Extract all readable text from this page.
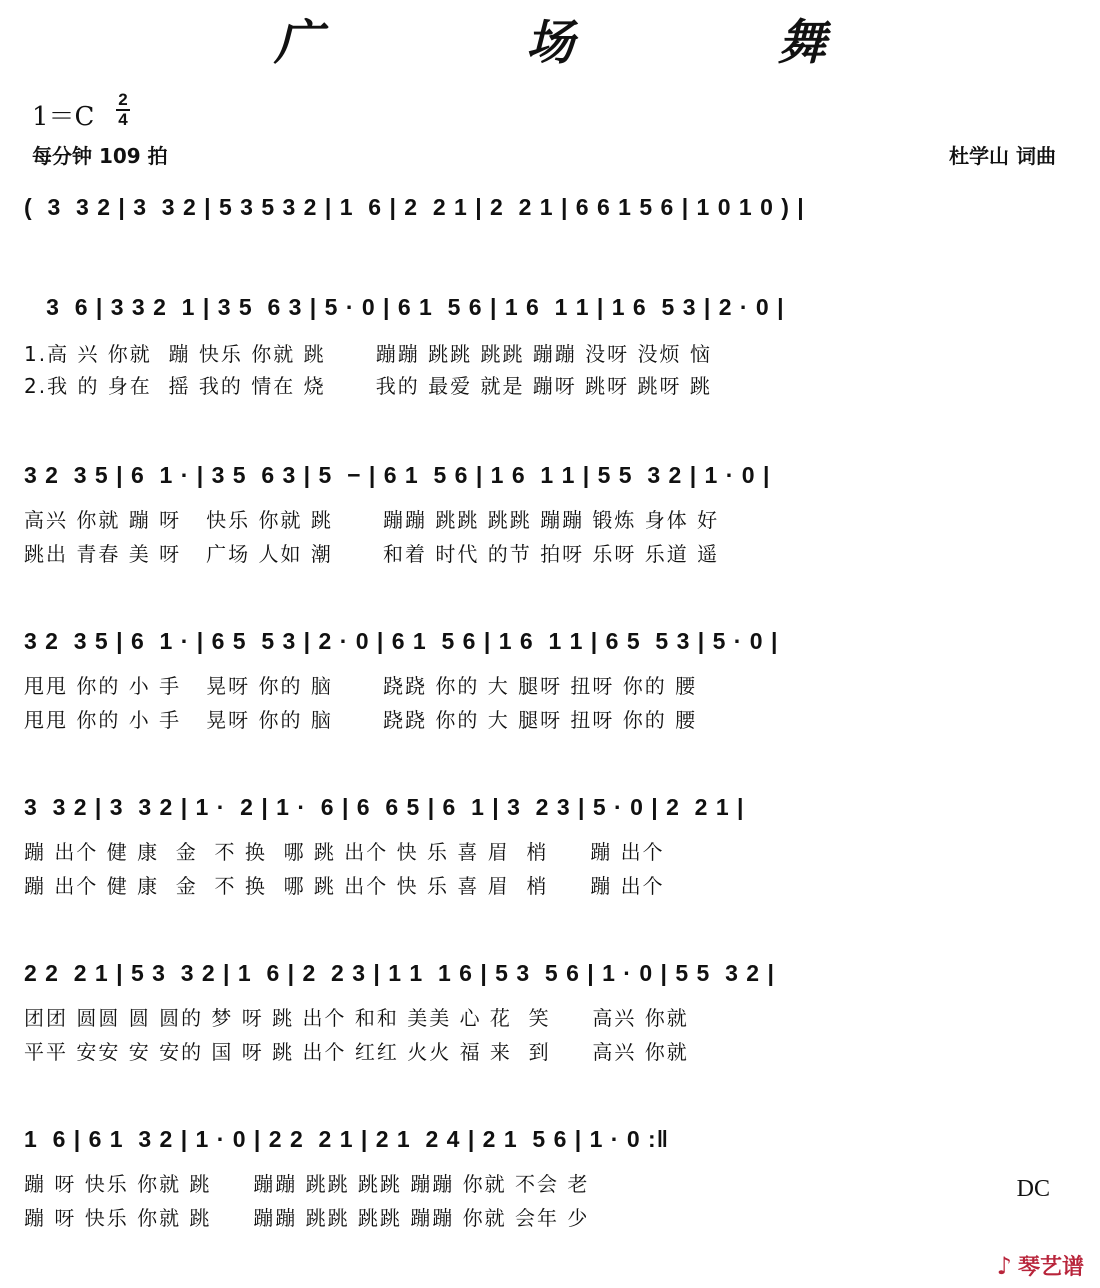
广　场　舞
1＝C
2
4
每分钟 109 拍	杜学山 词曲
(  3  3 2 | 3  3 2 | 5 3 5 3 2 | 1  6 | 2  2 1 | 2  2 1 | 6 6 1 5 6 | 1 0 1 0 ) |
3  6 | 3 3 2  1 | 3 5  6 3 | 5 · 0 | 6 1  5 6 | 1 6  1 1 | 1 6  5 3 | 2 · 0 |
1.高 兴 你就  蹦 快乐 你就 跳      蹦蹦 跳跳 跳跳 蹦蹦 没呀 没烦 恼
2.我 的 身在  摇 我的 情在 烧      我的 最爱 就是 蹦呀 跳呀 跳呀 跳
3 2  3 5 | 6  1 · | 3 5  6 3 | 5  − | 6 1  5 6 | 1 6  1 1 | 5 5  3 2 | 1 · 0 |
高兴 你就 蹦 呀   快乐 你就 跳      蹦蹦 跳跳 跳跳 蹦蹦 锻炼 身体 好
跳出 青春 美 呀   广场 人如 潮      和着 时代 的节 拍呀 乐呀 乐道 遥
3 2  3 5 | 6  1 · | 6 5  5 3 | 2 · 0 | 6 1  5 6 | 1 6  1 1 | 6 5  5 3 | 5 · 0 |
甩甩 你的 小 手   晃呀 你的 脑      跷跷 你的 大 腿呀 扭呀 你的 腰
甩甩 你的 小 手   晃呀 你的 脑      跷跷 你的 大 腿呀 扭呀 你的 腰
3  3 2 | 3  3 2 | 1 ·  2 | 1 ·  6 | 6  6 5 | 6  1 | 3  2 3 | 5 · 0 | 2  2 1 |
蹦 出个 健 康  金  不 换  哪 跳 出个 快 乐 喜 眉  梢     蹦 出个
蹦 出个 健 康  金  不 换  哪 跳 出个 快 乐 喜 眉  梢     蹦 出个
2 2  2 1 | 5 3  3 2 | 1  6 | 2  2 3 | 1 1  1 6 | 5 3  5 6 | 1 · 0 | 5 5  3 2 |
团团 圆圆 圆 圆的 梦 呀 跳 出个 和和 美美 心 花  笑     高兴 你就
平平 安安 安 安的 国 呀 跳 出个 红红 火火 福 来  到     高兴 你就
1  6 | 6 1  3 2 | 1 · 0 | 2 2  2 1 | 2 1  2 4 | 2 1  5 6 | 1 · 0 :‖
蹦 呀 快乐 你就 跳     蹦蹦 跳跳 跳跳 蹦蹦 你就 不会 老
蹦 呀 快乐 你就 跳     蹦蹦 跳跳 跳跳 蹦蹦 你就 会年 少
DC
♪ 琴艺谱
